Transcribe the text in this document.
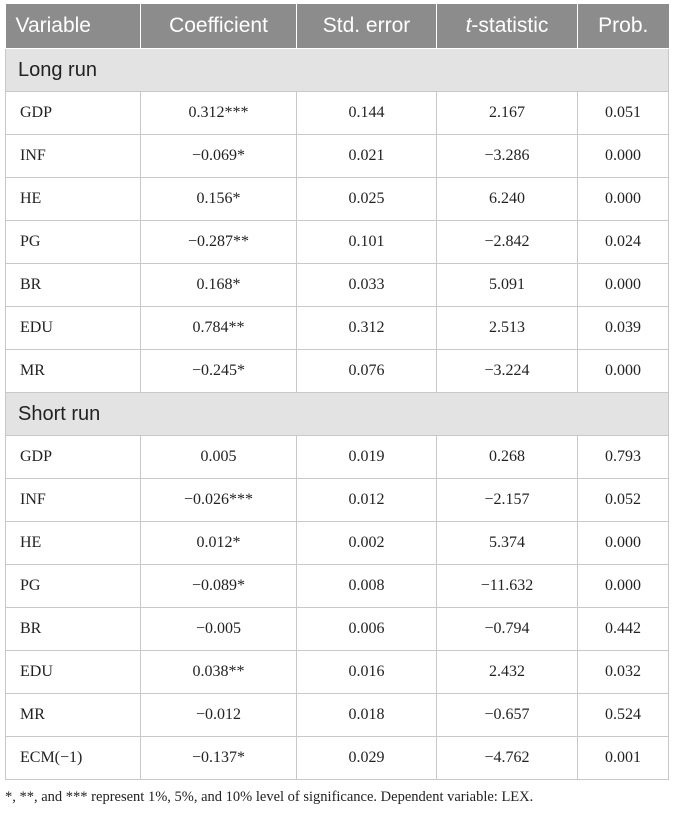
Variable	Coefficient	Std. error	t-statistic	Prob.
Long run				
GDP	0.312***	0.144	2.167	0.051
INF	−0.069*	0.021	−3.286	0.000
HE	0.156*	0.025	6.240	0.000
PG	−0.287**	0.101	−2.842	0.024
BR	0.168*	0.033	5.091	0.000
EDU	0.784**	0.312	2.513	0.039
MR	−0.245*	0.076	−3.224	0.000
Short run				
GDP	0.005	0.019	0.268	0.793
INF	−0.026***	0.012	−2.157	0.052
HE	0.012*	0.002	5.374	0.000
PG	−0.089*	0.008	−11.632	0.000
BR	−0.005	0.006	−0.794	0.442
EDU	0.038**	0.016	2.432	0.032
MR	−0.012	0.018	−0.657	0.524
ECM(−1)	−0.137*	0.029	−4.762	0.001
*, **, and *** represent 1%, 5%, and 10% level of significance. Dependent variable: LEX.
